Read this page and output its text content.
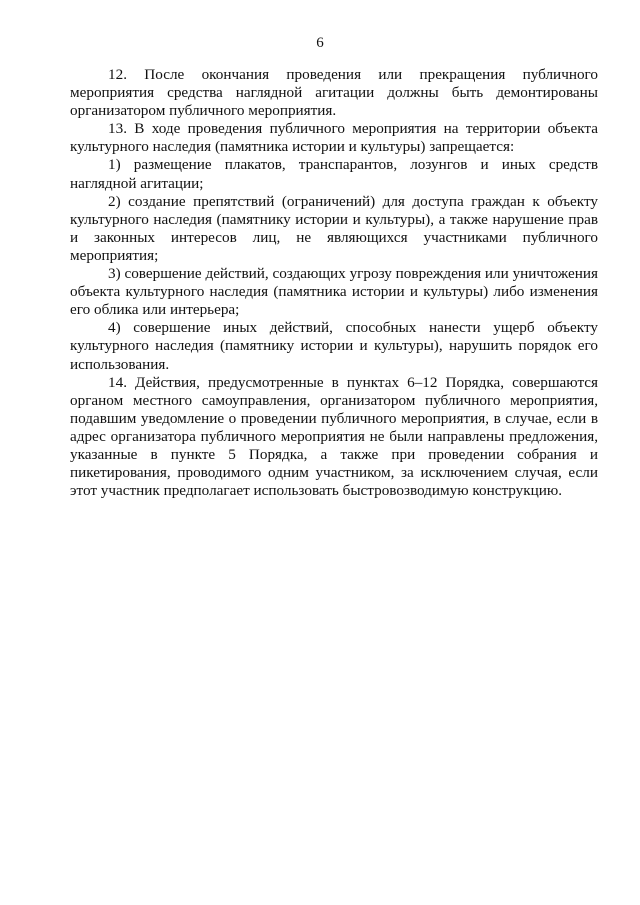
6

12. После окончания проведения или прекращения публичного мероприятия средства наглядной агитации должны быть демонтированы организатором публичного мероприятия.

13. В ходе проведения публичного мероприятия на территории объекта культурного наследия (памятника истории и культуры) запрещается:

1) размещение плакатов, транспарантов, лозунгов и иных средств наглядной агитации;

2) создание препятствий (ограничений) для доступа граждан к объекту культурного наследия (памятнику истории и культуры), а также нарушение прав и законных интересов лиц, не являющихся участниками публичного мероприятия;

3) совершение действий, создающих угрозу повреждения или уничтожения объекта культурного наследия (памятника истории и культуры) либо изменения его облика или интерьера;

4) совершение иных действий, способных нанести ущерб объекту культурного наследия (памятнику истории и культуры), нарушить порядок его использования.

14. Действия, предусмотренные в пунктах 6–12 Порядка, совершаются органом местного самоуправления, организатором публичного мероприятия, подавшим уведомление о проведении публичного мероприятия, в случае, если в адрес организатора публичного мероприятия не были направлены предложения, указанные в пункте 5 Порядка, а также при проведении собрания и пикетирования, проводимого одним участником, за исключением случая, если этот участник предполагает использовать быстровозводимую конструкцию.
